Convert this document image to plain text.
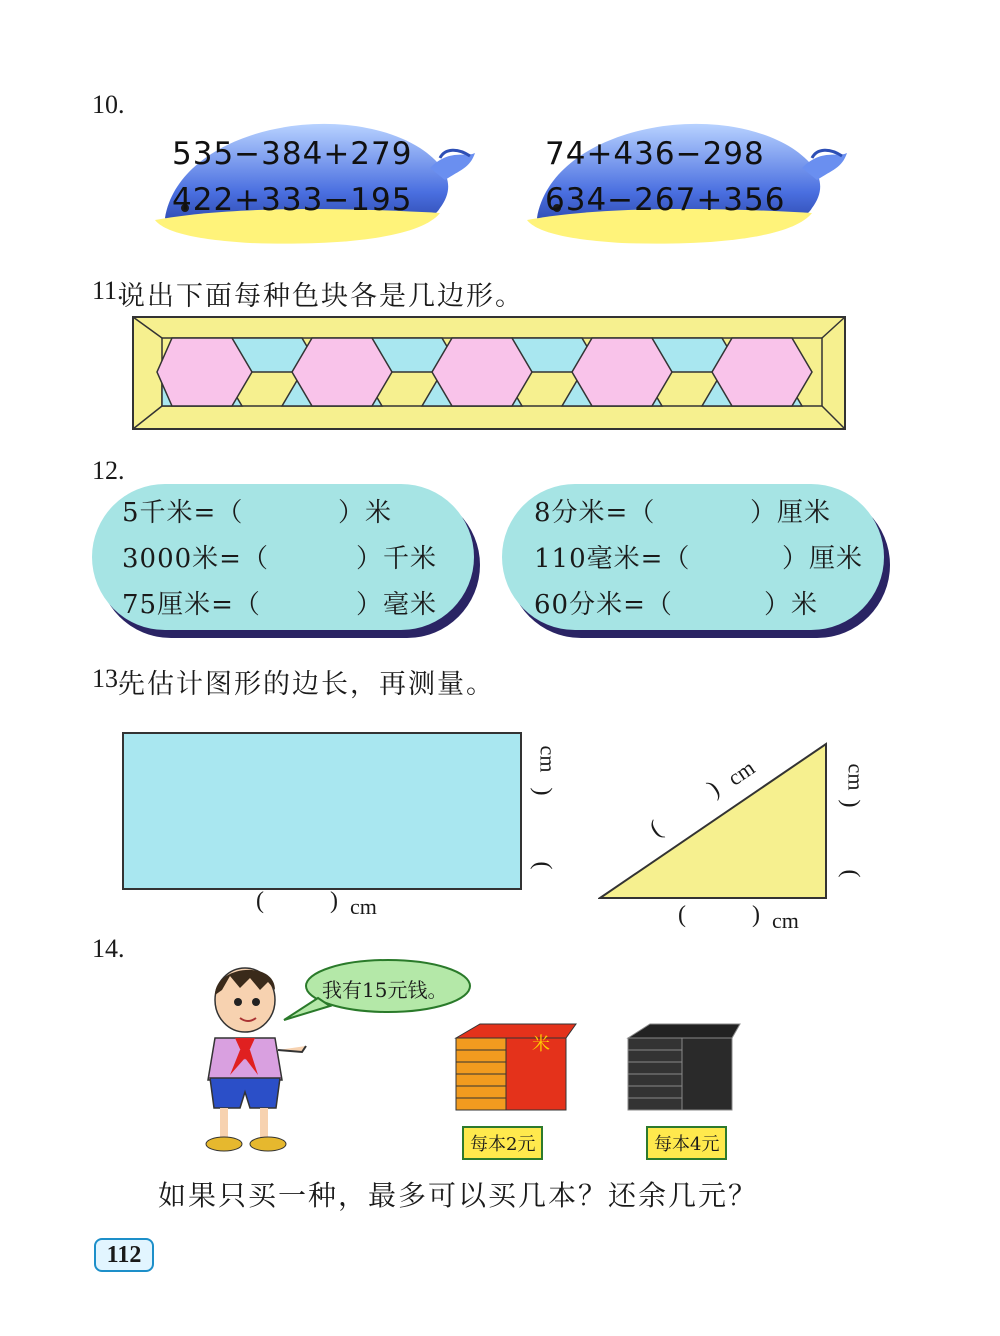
10.
535−384+279
422+333−195
74+436−298
634−267+356
11.
说出下面每种色块各是几边形。
12.
5千米=（	）米
3000米=（	）千米
75厘米=（	）毫米
8分米=（	）厘米
110毫米=（	）厘米
60分米=（	）米
13.
先估计图形的边长，再测量。
(	) cm
(
)
cm
(
)
cm
(
)
cm
(	) cm
14.
我有15元钱。
米
每本2元	每本4元
如果只买一种，最多可以买几本？还余几元？
112
